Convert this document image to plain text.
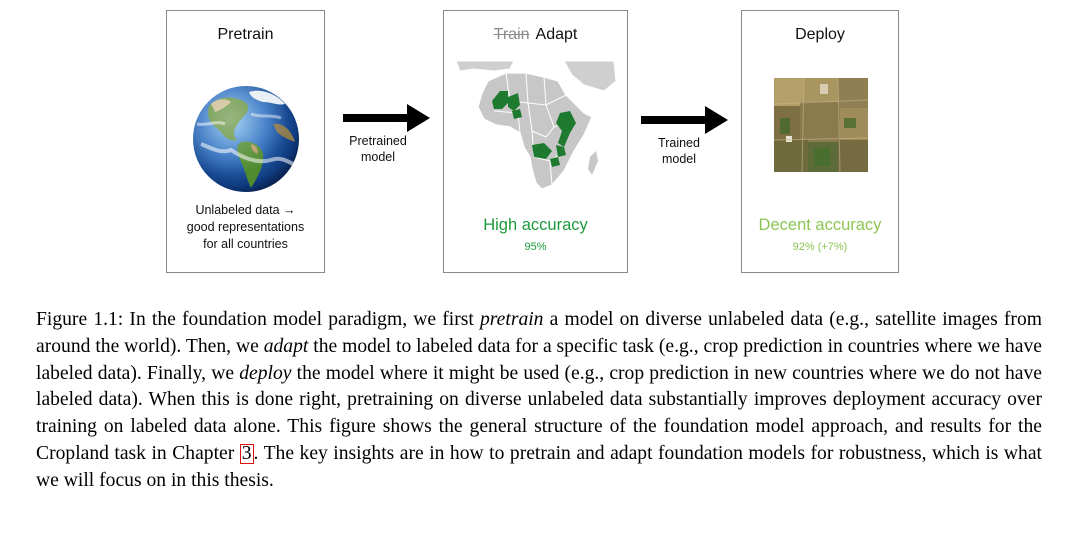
Pretrain
Unlabeled data →
good representations
for all countries
Pretrained
model
Train Adapt
High accuracy
95%
Trained
model
Deploy
Decent accuracy
92% (+7%)
Figure 1.1: In the foundation model paradigm, we first pretrain a model on diverse unlabeled data (e.g., satellite images from around the world). Then, we adapt the model to labeled data for a specific task (e.g., crop prediction in countries where we have labeled data). Finally, we deploy the model where it might be used (e.g., crop prediction in new countries where we do not have labeled data). When this is done right, pretraining on diverse unlabeled data substantially improves deployment accuracy over training on labeled data alone. This figure shows the general structure of the foundation model approach, and results for the Cropland task in Chapter 3 . The key insights are in how to pretrain and adapt foundation models for robustness, which is what we will focus on in this thesis.
